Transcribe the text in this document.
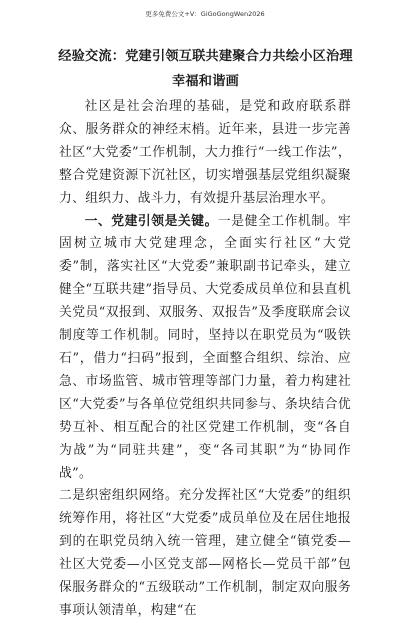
更多免费公文+V：GiGoGongWen2026
经验交流：党建引领互联共建聚合力共绘小区治理幸福和谐画

社区是社会治理的基础，是党和政府联系群众、服务群众的神经末梢。近年来，县进一步完善社区“大党委”工作机制，大力推行“一线工作法”，整合党建资源下沉社区，切实增强基层党组织凝聚力、组织力、战斗力，有效提升基层治理水平。

一、党建引领是关键。一是健全工作机制。牢固树立城市大党建理念，全面实行社区“大党委”制，落实社区“大党委”兼职副书记牵头，建立健全“互联共建”指导员、大党委成员单位和县直机关党员“双报到、双服务、双报告”及季度联席会议制度等工作机制。同时，坚持以在职党员为“吸铁石”，借力“扫码”报到，全面整合组织、综治、应急、市场监管、城市管理等部门力量，着力构建社区“大党委”与各单位党组织共同参与、条块结合优势互补、相互配合的社区党建工作机制，变“各自为战”为“同驻共建”，变“各司其职”为“协同作战”。

二是织密组织网络。充分发挥社区“大党委”的组织统筹作用，将社区“大党委”成员单位及在居住地报到的在职党员纳入统一管理，建立健全“镇党委—社区大党委—小区党支部—网格长—党员干部”包保服务群众的“五级联动”工作机制，制定双向服务事项认领清单，构建“在
